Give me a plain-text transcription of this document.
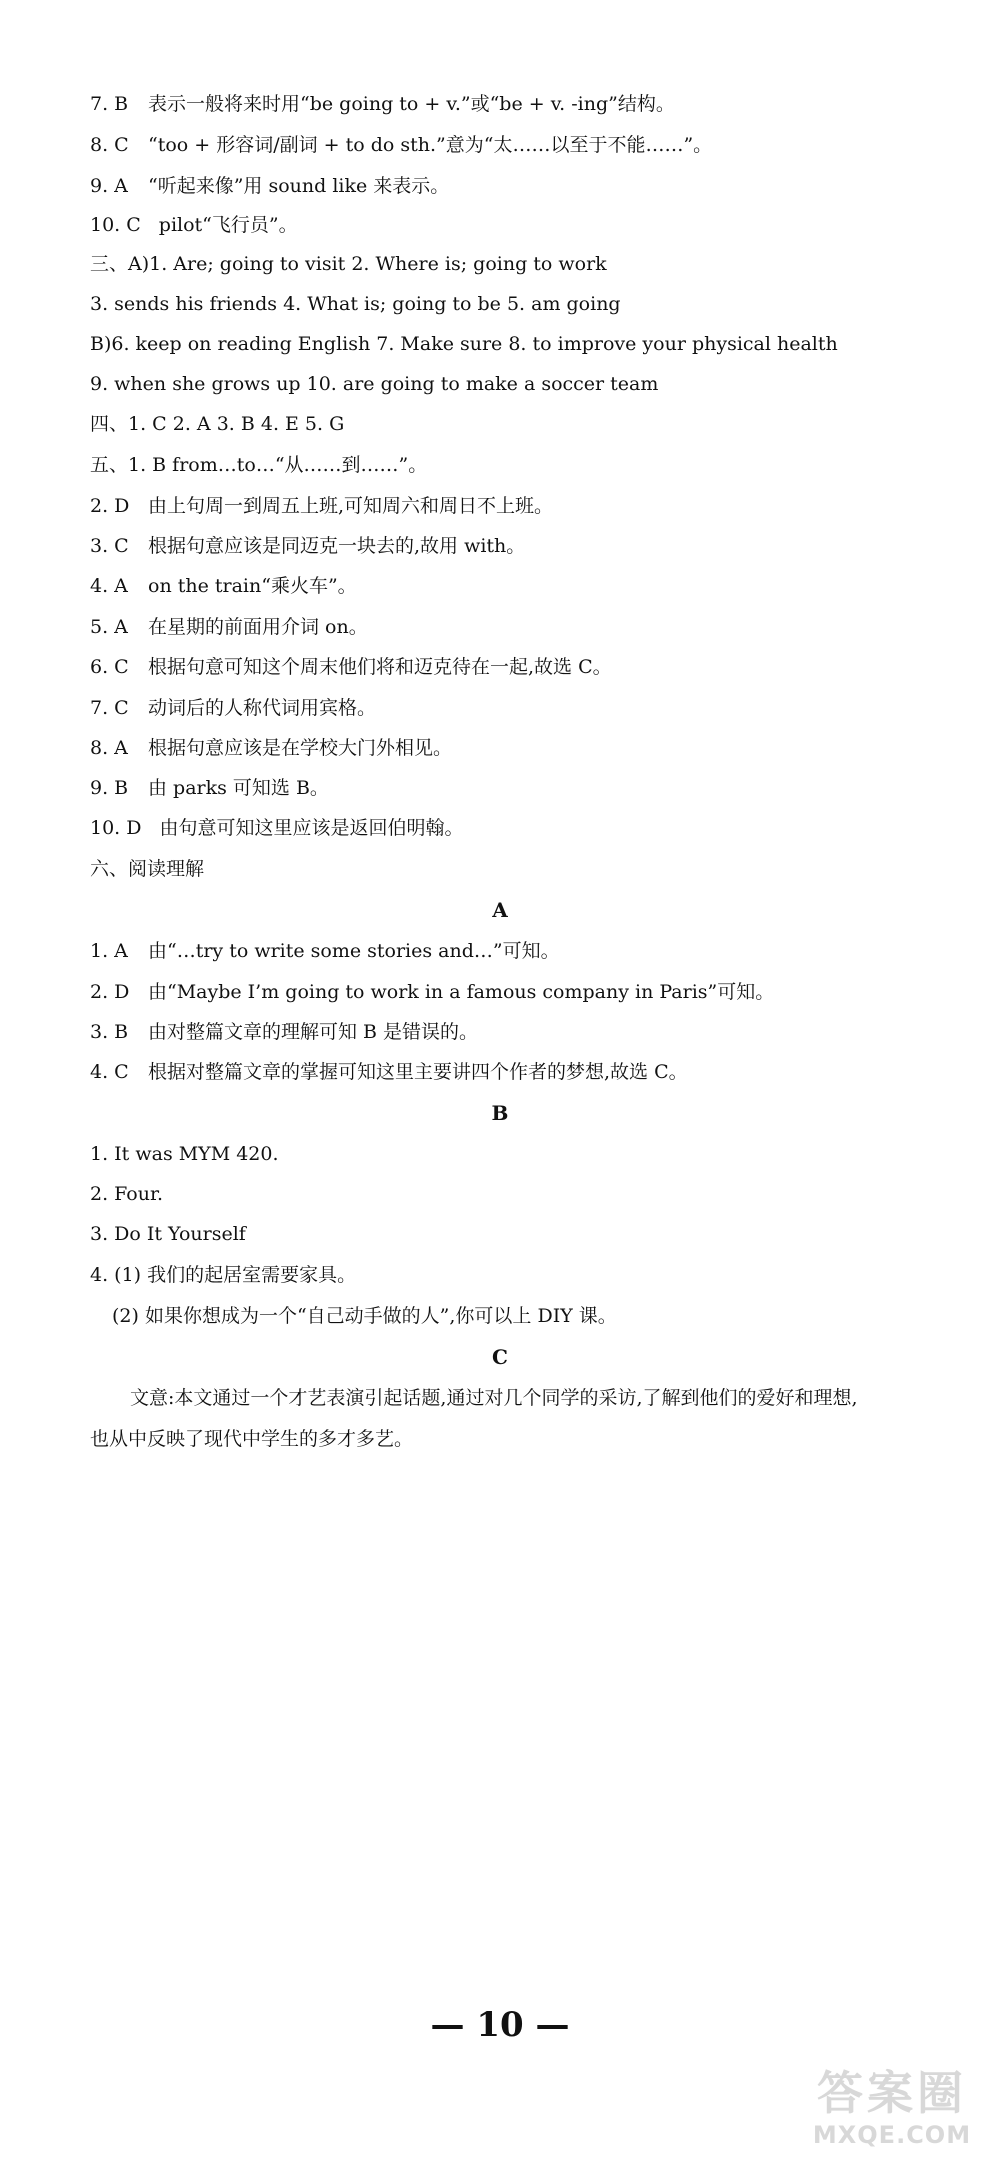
7. B 表示一般将来时用“be going to + v.”或“be + v. -ing”结构。
8. C “too + 形容词/副词 + to do sth.”意为“太……以至于不能……”。
9. A “听起来像”用 sound like 来表示。
10. C pilot“飞行员”。
三、A)1. Are; going to visit 2. Where is; going to work
3. sends his friends 4. What is; going to be 5. am going
B)6. keep on reading English 7. Make sure 8. to improve your physical health
9. when she grows up 10. are going to make a soccer team
四、1. C 2. A 3. B 4. E 5. G
五、1. B from…to…“从……到……”。
2. D 由上句周一到周五上班,可知周六和周日不上班。
3. C 根据句意应该是同迈克一块去的,故用 with。
4. A on the train“乘火车”。
5. A 在星期的前面用介词 on。
6. C 根据句意可知这个周末他们将和迈克待在一起,故选 C。
7. C 动词后的人称代词用宾格。
8. A 根据句意应该是在学校大门外相见。
9. B 由 parks 可知选 B。
10. D 由句意可知这里应该是返回伯明翰。
六、阅读理解
A
1. A 由“…try to write some stories and…”可知。
2. D 由“Maybe I’m going to work in a famous company in Paris”可知。
3. B 由对整篇文章的理解可知 B 是错误的。
4. C 根据对整篇文章的掌握可知这里主要讲四个作者的梦想,故选 C。
B
1. It was MYM 420.
2. Four.
3. Do It Yourself
4. (1) 我们的起居室需要家具。
(2) 如果你想成为一个“自己动手做的人”,你可以上 DIY 课。
C
文意:本文通过一个才艺表演引起话题,通过对几个同学的采访,了解到他们的爱好和理想,
也从中反映了现代中学生的多才多艺。
— 10 —
答案圈
MXQE.COM
